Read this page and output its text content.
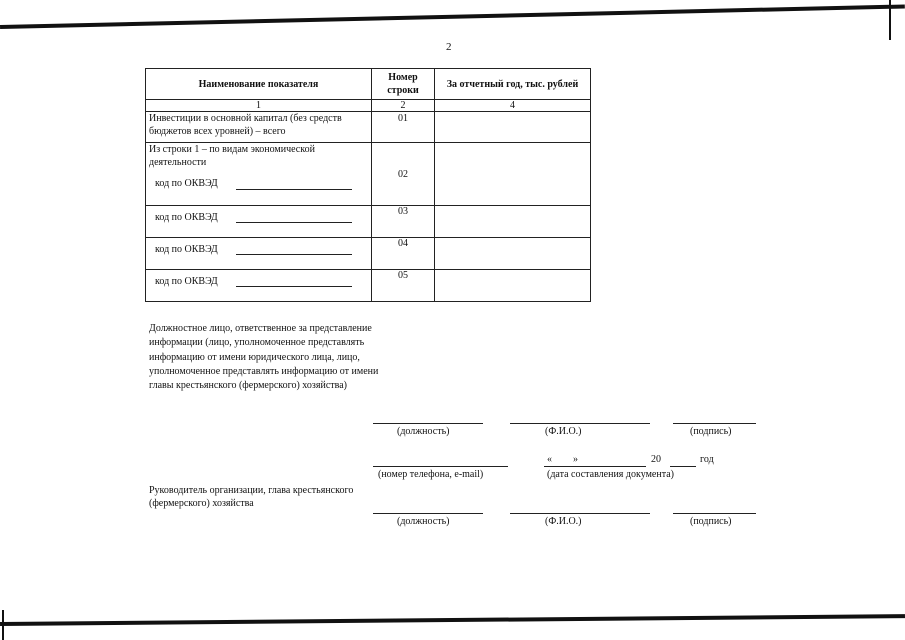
2
Наименование показателя	Номер строки	За отчетный год, тыс. рублей
1	2	4
Инвестиции в основной капитал (без средств бюджетов всех уровней) – всего	01	

Из строки 1 – по видам экономической деятельности
код по ОКВЭД	02	

код по ОКВЭД	03	

код по ОКВЭД	04	

код по ОКВЭД	05	
Должностное лицо, ответственное за представление информации (лицо, уполномоченное представлять информацию от имени юридического лица, лицо, уполномоченное представлять информацию от имени главы крестьянского (фермерского) хозяйства)
(должность)	(Ф.И.О.)	(подпись)
(номер телефона, e-mail)
« »	20	год
(дата составления документа)
Руководитель организации, глава крестьянского (фермерского) хозяйства
(должность)	(Ф.И.О.)	(подпись)
